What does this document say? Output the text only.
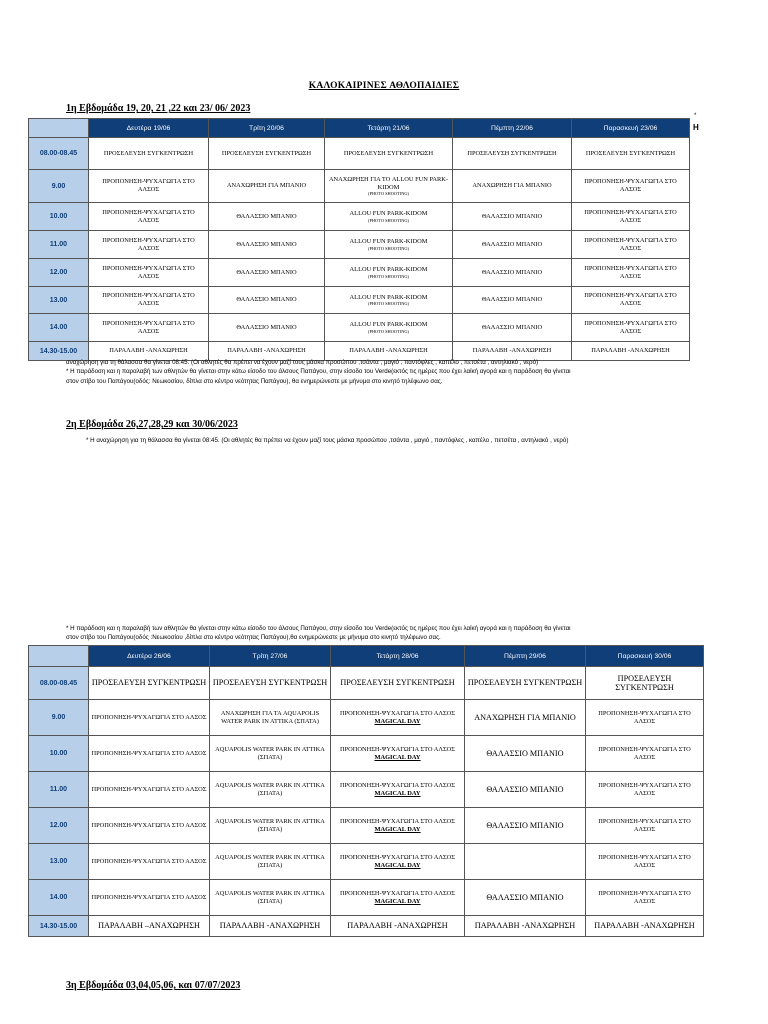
ΚΑΛΟΚΑΙΡΙΝΕΣ ΑΘΛΟΠΑΙΔΙΕΣ
1η Εβδομάδα 19, 20, 21 ,22 και 23/ 06/ 2023
*
Η
	Δευτέρα 19/06	Τρίτη 20/06	Τετάρτη 21/06	Πέμπτη 22/06	Παρασκευή 23/06
08.00-08.45	ΠΡΟΣΕΛΕΥΣΗ ΣΥΓΚΕΝΤΡΩΣΗ	ΠΡΟΣΕΛΕΥΣΗ ΣΥΓΚΕΝΤΡΩΣΗ	ΠΡΟΣΕΛΕΥΣΗ ΣΥΓΚΕΝΤΡΩΣΗ	ΠΡΟΣΕΛΕΥΣΗ ΣΥΓΚΕΝΤΡΩΣΗ	ΠΡΟΣΕΛΕΥΣΗ ΣΥΓΚΕΝΤΡΩΣΗ

9.00	ΠΡΟΠΟΝΗΣΗ-ΨΥΧΑΓΩΓΙΑ ΣΤΟ ΑΛΣΟΣ	ΑΝΑΧΩΡΗΣΗ ΓΙΑ ΜΠΑΝΙΟ	ΑΝΑΧΩΡΗΣΗ ΓΙΑ ΤΟ ALLOU FUN PARK-KIDOM
(PHOTO SHOOTING)	ΑΝΑΧΩΡΗΣΗ ΓΙΑ ΜΠΑΝΙΟ	ΠΡΟΠΟΝΗΣΗ-ΨΥΧΑΓΩΓΙΑ ΣΤΟ ΑΛΣΟΣ

10.00	ΠΡΟΠΟΝΗΣΗ-ΨΥΧΑΓΩΓΙΑ ΣΤΟ ΑΛΣΟΣ	ΘΑΛΑΣΣΙΟ ΜΠΑΝΙΟ	ALLOU FUN PARK-KIDOM
(PHOTO SHOOTING)	ΘΑΛΑΣΣΙΟ ΜΠΑΝΙΟ	ΠΡΟΠΟΝΗΣΗ-ΨΥΧΑΓΩΓΙΑ ΣΤΟ ΑΛΣΟΣ

11.00	ΠΡΟΠΟΝΗΣΗ-ΨΥΧΑΓΩΓΙΑ ΣΤΟ ΑΛΣΟΣ	ΘΑΛΑΣΣΙΟ ΜΠΑΝΙΟ	ALLOU FUN PARK-KIDOM
(PHOTO SHOOTING)	ΘΑΛΑΣΣΙΟ ΜΠΑΝΙΟ	ΠΡΟΠΟΝΗΣΗ-ΨΥΧΑΓΩΓΙΑ ΣΤΟ ΑΛΣΟΣ

12.00	ΠΡΟΠΟΝΗΣΗ-ΨΥΧΑΓΩΓΙΑ ΣΤΟ ΑΛΣΟΣ	ΘΑΛΑΣΣΙΟ ΜΠΑΝΙΟ	ALLOU FUN PARK-KIDOM
(PHOTO SHOOTING)	ΘΑΛΑΣΣΙΟ ΜΠΑΝΙΟ	ΠΡΟΠΟΝΗΣΗ-ΨΥΧΑΓΩΓΙΑ ΣΤΟ ΑΛΣΟΣ

13.00	ΠΡΟΠΟΝΗΣΗ-ΨΥΧΑΓΩΓΙΑ ΣΤΟ ΑΛΣΟΣ	ΘΑΛΑΣΣΙΟ ΜΠΑΝΙΟ	ALLOU FUN PARK-KIDOM
(PHOTO SHOOTING)	ΘΑΛΑΣΣΙΟ ΜΠΑΝΙΟ	ΠΡΟΠΟΝΗΣΗ-ΨΥΧΑΓΩΓΙΑ ΣΤΟ ΑΛΣΟΣ

14.00	ΠΡΟΠΟΝΗΣΗ-ΨΥΧΑΓΩΓΙΑ ΣΤΟ ΑΛΣΟΣ	ΘΑΛΑΣΣΙΟ ΜΠΑΝΙΟ	ALLOU FUN PARK-KIDOM
(PHOTO SHOOTING)	ΘΑΛΑΣΣΙΟ ΜΠΑΝΙΟ	ΠΡΟΠΟΝΗΣΗ-ΨΥΧΑΓΩΓΙΑ ΣΤΟ ΑΛΣΟΣ

14.30-15.00	ΠΑΡΑΛΑΒΗ -ΑΝΑΧΩΡΗΣΗ	ΠΑΡΑΛΑΒΗ -ΑΝΑΧΩΡΗΣΗ	ΠΑΡΑΛΑΒΗ -ΑΝΑΧΩΡΗΣΗ	ΠΑΡΑΛΑΒΗ -ΑΝΑΧΩΡΗΣΗ	ΠΑΡΑΛΑΒΗ -ΑΝΑΧΩΡΗΣΗ
αναχώρηση για τη θάλασσα θα γίνεται 08:45. (Οι αθλητές θα πρέπει να έχουν μαζί τους μάσκα προσώπου ,τσάντα , μαγιό , παντόφλες , καπέλο , πετσέτα , αντηλιακό , νερό)
* Η παράδοση και η παραλαβή των αθλητών θα γίνεται στην κάτω είσοδο του άλσους Παπάγου, στην είσοδο του Verde(εκτός τις ημέρες που έχει λαϊκή αγορά και η παράδοση θα γίνεται
στον στίβο του Παπάγου(οδός: Νεωκοσίου, δίπλα στο κέντρο νεότητας Παπάγου), θα ενημερώνεστε με μήνυμα στο κινητό τηλέφωνο σας.
2η Εβδομάδα 26,27,28,29 και 30/06/2023
* Η αναχώρηση για τη θάλασσα θα γίνεται 08:45. (Οι αθλητές θα πρέπει να έχουν μαζί τους μάσκα προσώπου ,τσάντα , μαγιό , παντόφλες , καπέλο , πετσέτα , αντηλιακό , νερό)
* Η παράδοση και η παραλαβή των αθλητών θα γίνεται στην κάτω είσοδο του άλσους Παπάγου, στην είσοδο του Verde(εκτός τις ημέρες που έχει λαϊκή αγορά και η παράδοση θα γίνεται
στον στίβο του Παπάγου(οδός :Νεωκοσίου ,δίπλα στο κέντρο νεότητας Παπάγου),θα ενημερώνεστε με μήνυμα στο κινητό τηλέφωνο σας.
	Δευτέρα 26/06	Τρίτη 27/06	Τετάρτη 28/06	Πέμπτη 29/06	Παρασκευή 30/06
08.00-08.45	ΠΡΟΣΕΛΕΥΣΗ ΣΥΓΚΕΝΤΡΩΣΗ	ΠΡΟΣΕΛΕΥΣΗ ΣΥΓΚΕΝΤΡΩΣΗ	ΠΡΟΣΕΛΕΥΣΗ ΣΥΓΚΕΝΤΡΩΣΗ	ΠΡΟΣΕΛΕΥΣΗ ΣΥΓΚΕΝΤΡΩΣΗ	ΠΡΟΣΕΛΕΥΣΗ ΣΥΓΚΕΝΤΡΩΣΗ

9.00	ΠΡΟΠΟΝΗΣΗ-ΨΥΧΑΓΩΓΙΑ ΣΤΟ ΑΛΣΟΣ	ΑΝΑΧΩΡΗΣΗ ΓΙΑ ΤΑ AQUAPOLIS WATER PARK IN ATTIKA (ΣΠΑΤΑ)	ΠΡΟΠΟΝΗΣΗ-ΨΥΧΑΓΩΓΙΑ ΣΤΟ ΑΛΣΟΣ
MAGICAL DAY	ΑΝΑΧΩΡΗΣΗ ΓΙΑ ΜΠΑΝΙΟ	ΠΡΟΠΟΝΗΣΗ-ΨΥΧΑΓΩΓΙΑ ΣΤΟ ΑΛΣΟΣ

10.00	ΠΡΟΠΟΝΗΣΗ-ΨΥΧΑΓΩΓΙΑ ΣΤΟ ΑΛΣΟΣ	AQUAPOLIS WATER PARK IN ATTIKA (ΣΠΑΤΑ)	ΠΡΟΠΟΝΗΣΗ-ΨΥΧΑΓΩΓΙΑ ΣΤΟ ΑΛΣΟΣ
MAGICAL DAY	ΘΑΛΑΣΣΙΟ ΜΠΑΝΙΟ	ΠΡΟΠΟΝΗΣΗ-ΨΥΧΑΓΩΓΙΑ ΣΤΟ ΑΛΣΟΣ

11.00	ΠΡΟΠΟΝΗΣΗ-ΨΥΧΑΓΩΓΙΑ ΣΤΟ ΑΛΣΟΣ	AQUAPOLIS WATER PARK IN ATTIKA (ΣΠΑΤΑ)	ΠΡΟΠΟΝΗΣΗ-ΨΥΧΑΓΩΓΙΑ ΣΤΟ ΑΛΣΟΣ
MAGICAL DAY	ΘΑΛΑΣΣΙΟ ΜΠΑΝΙΟ	ΠΡΟΠΟΝΗΣΗ-ΨΥΧΑΓΩΓΙΑ ΣΤΟ ΑΛΣΟΣ

12.00	ΠΡΟΠΟΝΗΣΗ-ΨΥΧΑΓΩΓΙΑ ΣΤΟ ΑΛΣΟΣ	AQUAPOLIS WATER PARK IN ATTIKA (ΣΠΑΤΑ)	ΠΡΟΠΟΝΗΣΗ-ΨΥΧΑΓΩΓΙΑ ΣΤΟ ΑΛΣΟΣ
MAGICAL DAY	ΘΑΛΑΣΣΙΟ ΜΠΑΝΙΟ	ΠΡΟΠΟΝΗΣΗ-ΨΥΧΑΓΩΓΙΑ ΣΤΟ ΑΛΣΟΣ

13.00	ΠΡΟΠΟΝΗΣΗ-ΨΥΧΑΓΩΓΙΑ ΣΤΟ ΑΛΣΟΣ	AQUAPOLIS WATER PARK IN ATTIKA (ΣΠΑΤΑ)	ΠΡΟΠΟΝΗΣΗ-ΨΥΧΑΓΩΓΙΑ ΣΤΟ ΑΛΣΟΣ
MAGICAL DAY		ΠΡΟΠΟΝΗΣΗ-ΨΥΧΑΓΩΓΙΑ ΣΤΟ ΑΛΣΟΣ

14.00	ΠΡΟΠΟΝΗΣΗ-ΨΥΧΑΓΩΓΙΑ ΣΤΟ ΑΛΣΟΣ	AQUAPOLIS WATER PARK IN ATTIKA (ΣΠΑΤΑ)	ΠΡΟΠΟΝΗΣΗ-ΨΥΧΑΓΩΓΙΑ ΣΤΟ ΑΛΣΟΣ
MAGICAL DAY	ΘΑΛΑΣΣΙΟ ΜΠΑΝΙΟ	ΠΡΟΠΟΝΗΣΗ-ΨΥΧΑΓΩΓΙΑ ΣΤΟ ΑΛΣΟΣ

14.30-15.00	ΠΑΡΑΛΑΒΗ –ΑΝΑΧΩΡΗΣΗ	ΠΑΡΑΛΑΒΗ -ΑΝΑΧΩΡΗΣΗ	ΠΑΡΑΛΑΒΗ -ΑΝΑΧΩΡΗΣΗ	ΠΑΡΑΛΑΒΗ -ΑΝΑΧΩΡΗΣΗ	ΠΑΡΑΛΑΒΗ -ΑΝΑΧΩΡΗΣΗ
3η Εβδομάδα 03,04,05,06, και 07/07/2023
